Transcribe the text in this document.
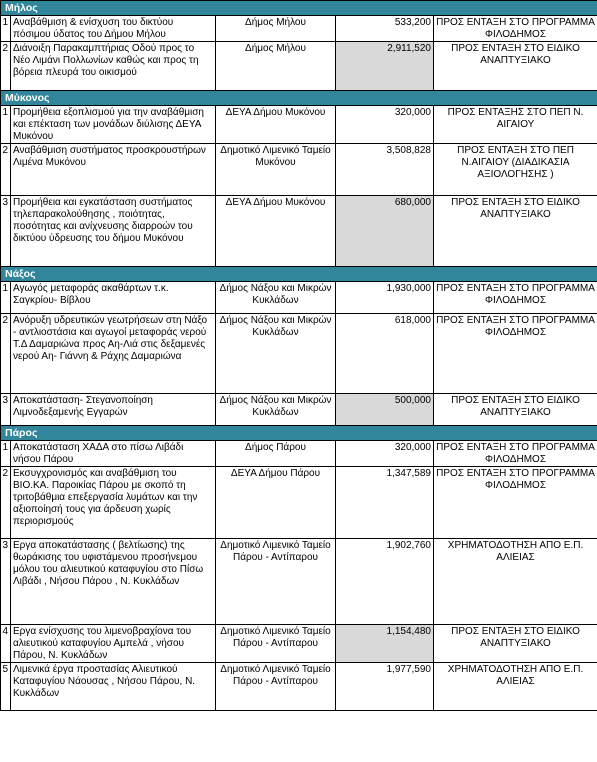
Μήλος				
1	Αναβάθμιση & ενίσχυση του δικτύου πόσιμου ύδατος του Δήμου Μήλου	Δήμος Μήλου	533,200	ΠΡΟΣ ΕΝΤΑΞΗ ΣΤΟ ΠΡΟΓΡΑΜΜΑ ΦΙΛΟΔΗΜΟΣ
2	Διάνοιξη Παρακαμπτήριας Οδού προς το Νέο Λιμάνι Πολλωνίων καθώς και προς τη βόρεια πλευρά του οικισμού	Δήμος Μήλου	2,911,520	ΠΡΟΣ ΕΝΤΑΞΗ ΣΤΟ ΕΙΔΙΚΟ ΑΝΑΠΤΥΞΙΑΚΟ
Μύκονος				
1	Προμήθεια εξοπλισμού για την αναβάθμιση και επέκταση των μονάδων διύλισης ΔΕΥΑ Μυκόνου	ΔΕΥΑ Δήμου Μυκόνου	320,000	ΠΡΟΣ ΕΝΤΑΞΗΣ ΣΤΟ ΠΕΠ Ν. ΑΙΓΑΙΟΥ
2	Αναβάθμιση συστήματος προσκρουστήρων Λιμένα Μυκόνου	Δημοτικό Λιμενικό Ταμείο Μυκόνου	3,508,828	ΠΡΟΣ ΕΝΤΑΞΗ ΣΤΟ ΠΕΠ Ν.ΑΙΓΑΙΟΥ (ΔΙΑΔΙΚΑΣΙΑ ΑΞΙΟΛΟΓΗΣΗΣ )
3	Προμήθεια και εγκατάσταση συστήματος τηλεπαρακολούθησης , ποιότητας, ποσότητας και ανίχνευσης διαρροών του δικτύου ύδρευσης του δήμου Μυκόνου	ΔΕΥΑ Δήμου Μυκόνου	680,000	ΠΡΟΣ ΕΝΤΑΞΗ ΣΤΟ ΕΙΔΙΚΟ ΑΝΑΠΤΥΞΙΑΚΟ
Νάξος				
1	Αγωγός μεταφοράς ακαθάρτων τ.κ. Σαγκρίου- Βίβλου	Δήμος Νάξου και Μικρών Κυκλάδων	1,930,000	ΠΡΟΣ ΕΝΤΑΞΗ ΣΤΟ ΠΡΟΓΡΑΜΜΑ ΦΙΛΟΔΗΜΟΣ
2	Ανόρυξη υδρευτικών γεωτρήσεων στη Νάξο - αντλιοστάσια και αγωγοί μεταφοράς νερού Τ.Δ Δαμαριώνα προς Αη-Λιά στις δεξαμενές νερού Αη- Γιάννη & Ράχης Δαμαριώνα	Δήμος Νάξου και Μικρών Κυκλάδων	618,000	ΠΡΟΣ ΕΝΤΑΞΗ ΣΤΟ ΠΡΟΓΡΑΜΜΑ ΦΙΛΟΔΗΜΟΣ
3	Αποκατάσταση- Στεγανοποίηση Λιμνοδεξαμενής Εγγαρών	Δήμος Νάξου και Μικρών Κυκλάδων	500,000	ΠΡΟΣ ΕΝΤΑΞΗ ΣΤΟ ΕΙΔΙΚΟ ΑΝΑΠΤΥΞΙΑΚΟ
Πάρος				
1	Αποκατάσταση ΧΑΔΑ στο πίσω Λιβάδι νήσου Πάρου	Δήμος Πάρου	320,000	ΠΡΟΣ ΕΝΤΑΞΗ ΣΤΟ ΠΡΟΓΡΑΜΜΑ ΦΙΛΟΔΗΜΟΣ
2	Εκσυγχρονισμός και αναβάθμιση του ΒΙΟ.ΚΑ. Παροικίας Πάρου με σκοπό τη τριτοβάθμια επεξεργασία λυμάτων και την αξιοποίησή τους για άρδευση χωρίς περιορισμούς	ΔΕΥΑ Δήμου Πάρου	1,347,589	ΠΡΟΣ ΕΝΤΑΞΗ ΣΤΟ ΠΡΟΓΡΑΜΜΑ ΦΙΛΟΔΗΜΟΣ
3	Εργα αποκατάστασης ( βελτίωσης) της θωράκισης του υφιστάμενου προσήνεμου μόλου του αλιευτικού καταφυγίου στο Πίσω Λιβάδι , Νήσου Πάρου , Ν. Κυκλάδων	Δημοτικό Λιμενικό Ταμείο Πάρου - Αντίπαρου	1,902,760	ΧΡΗΜΑΤΟΔΟΤΗΣΗ ΑΠΟ Ε.Π. ΑΛΙΕΙΑΣ
4	Εργα ενίσχυσης του λιμενοβραχίονα του αλιευτικού καταφυγίου Αμπελά , νήσου Πάρου, Ν. Κυκλάδων	Δημοτικό Λιμενικό Ταμείο Πάρου - Αντίπαρου	1,154,480	ΠΡΟΣ ΕΝΤΑΞΗ ΣΤΟ ΕΙΔΙΚΟ ΑΝΑΠΤΥΞΙΑΚΟ
5	Λιμενικά έργα προστασίας Αλιευτικού Καταφυγίου Νάουσας , Νήσου Πάρου, Ν. Κυκλάδων	Δημοτικό Λιμενικό Ταμείο Πάρου - Αντίπαρου	1,977,590	ΧΡΗΜΑΤΟΔΟΤΗΣΗ ΑΠΟ Ε.Π. ΑΛΙΕΙΑΣ
